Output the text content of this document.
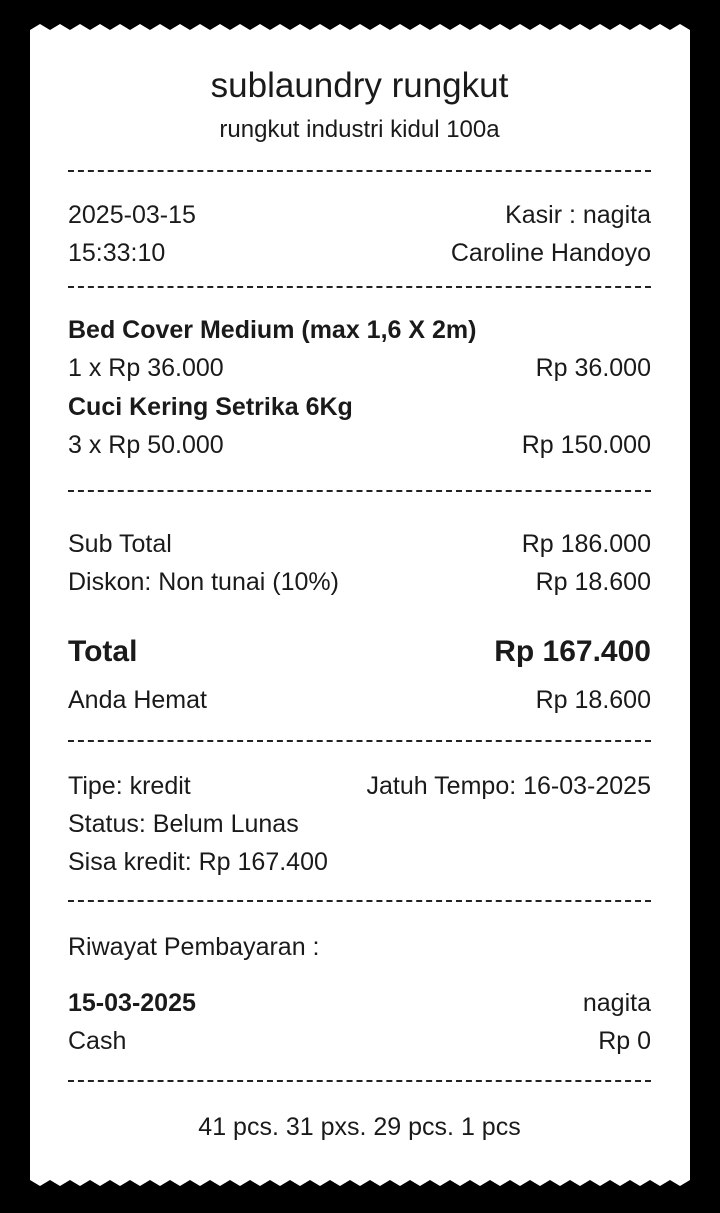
sublaundry rungkut
rungkut industri kidul 100a
2025-03-15	Kasir : nagita
15:33:10	Caroline Handoyo
Bed Cover Medium (max 1,6 X 2m)
1 x Rp 36.000	Rp 36.000
Cuci Kering Setrika 6Kg
3 x Rp 50.000	Rp 150.000
Sub Total	Rp 186.000
Diskon: Non tunai (10%)	Rp 18.600
Total	Rp 167.400
Anda Hemat	Rp 18.600
Tipe: kredit	Jatuh Tempo: 16-03-2025
Status: Belum Lunas
Sisa kredit: Rp 167.400
Riwayat Pembayaran :
15-03-2025	nagita
Cash	Rp 0
41 pcs. 31 pxs. 29 pcs. 1 pcs
